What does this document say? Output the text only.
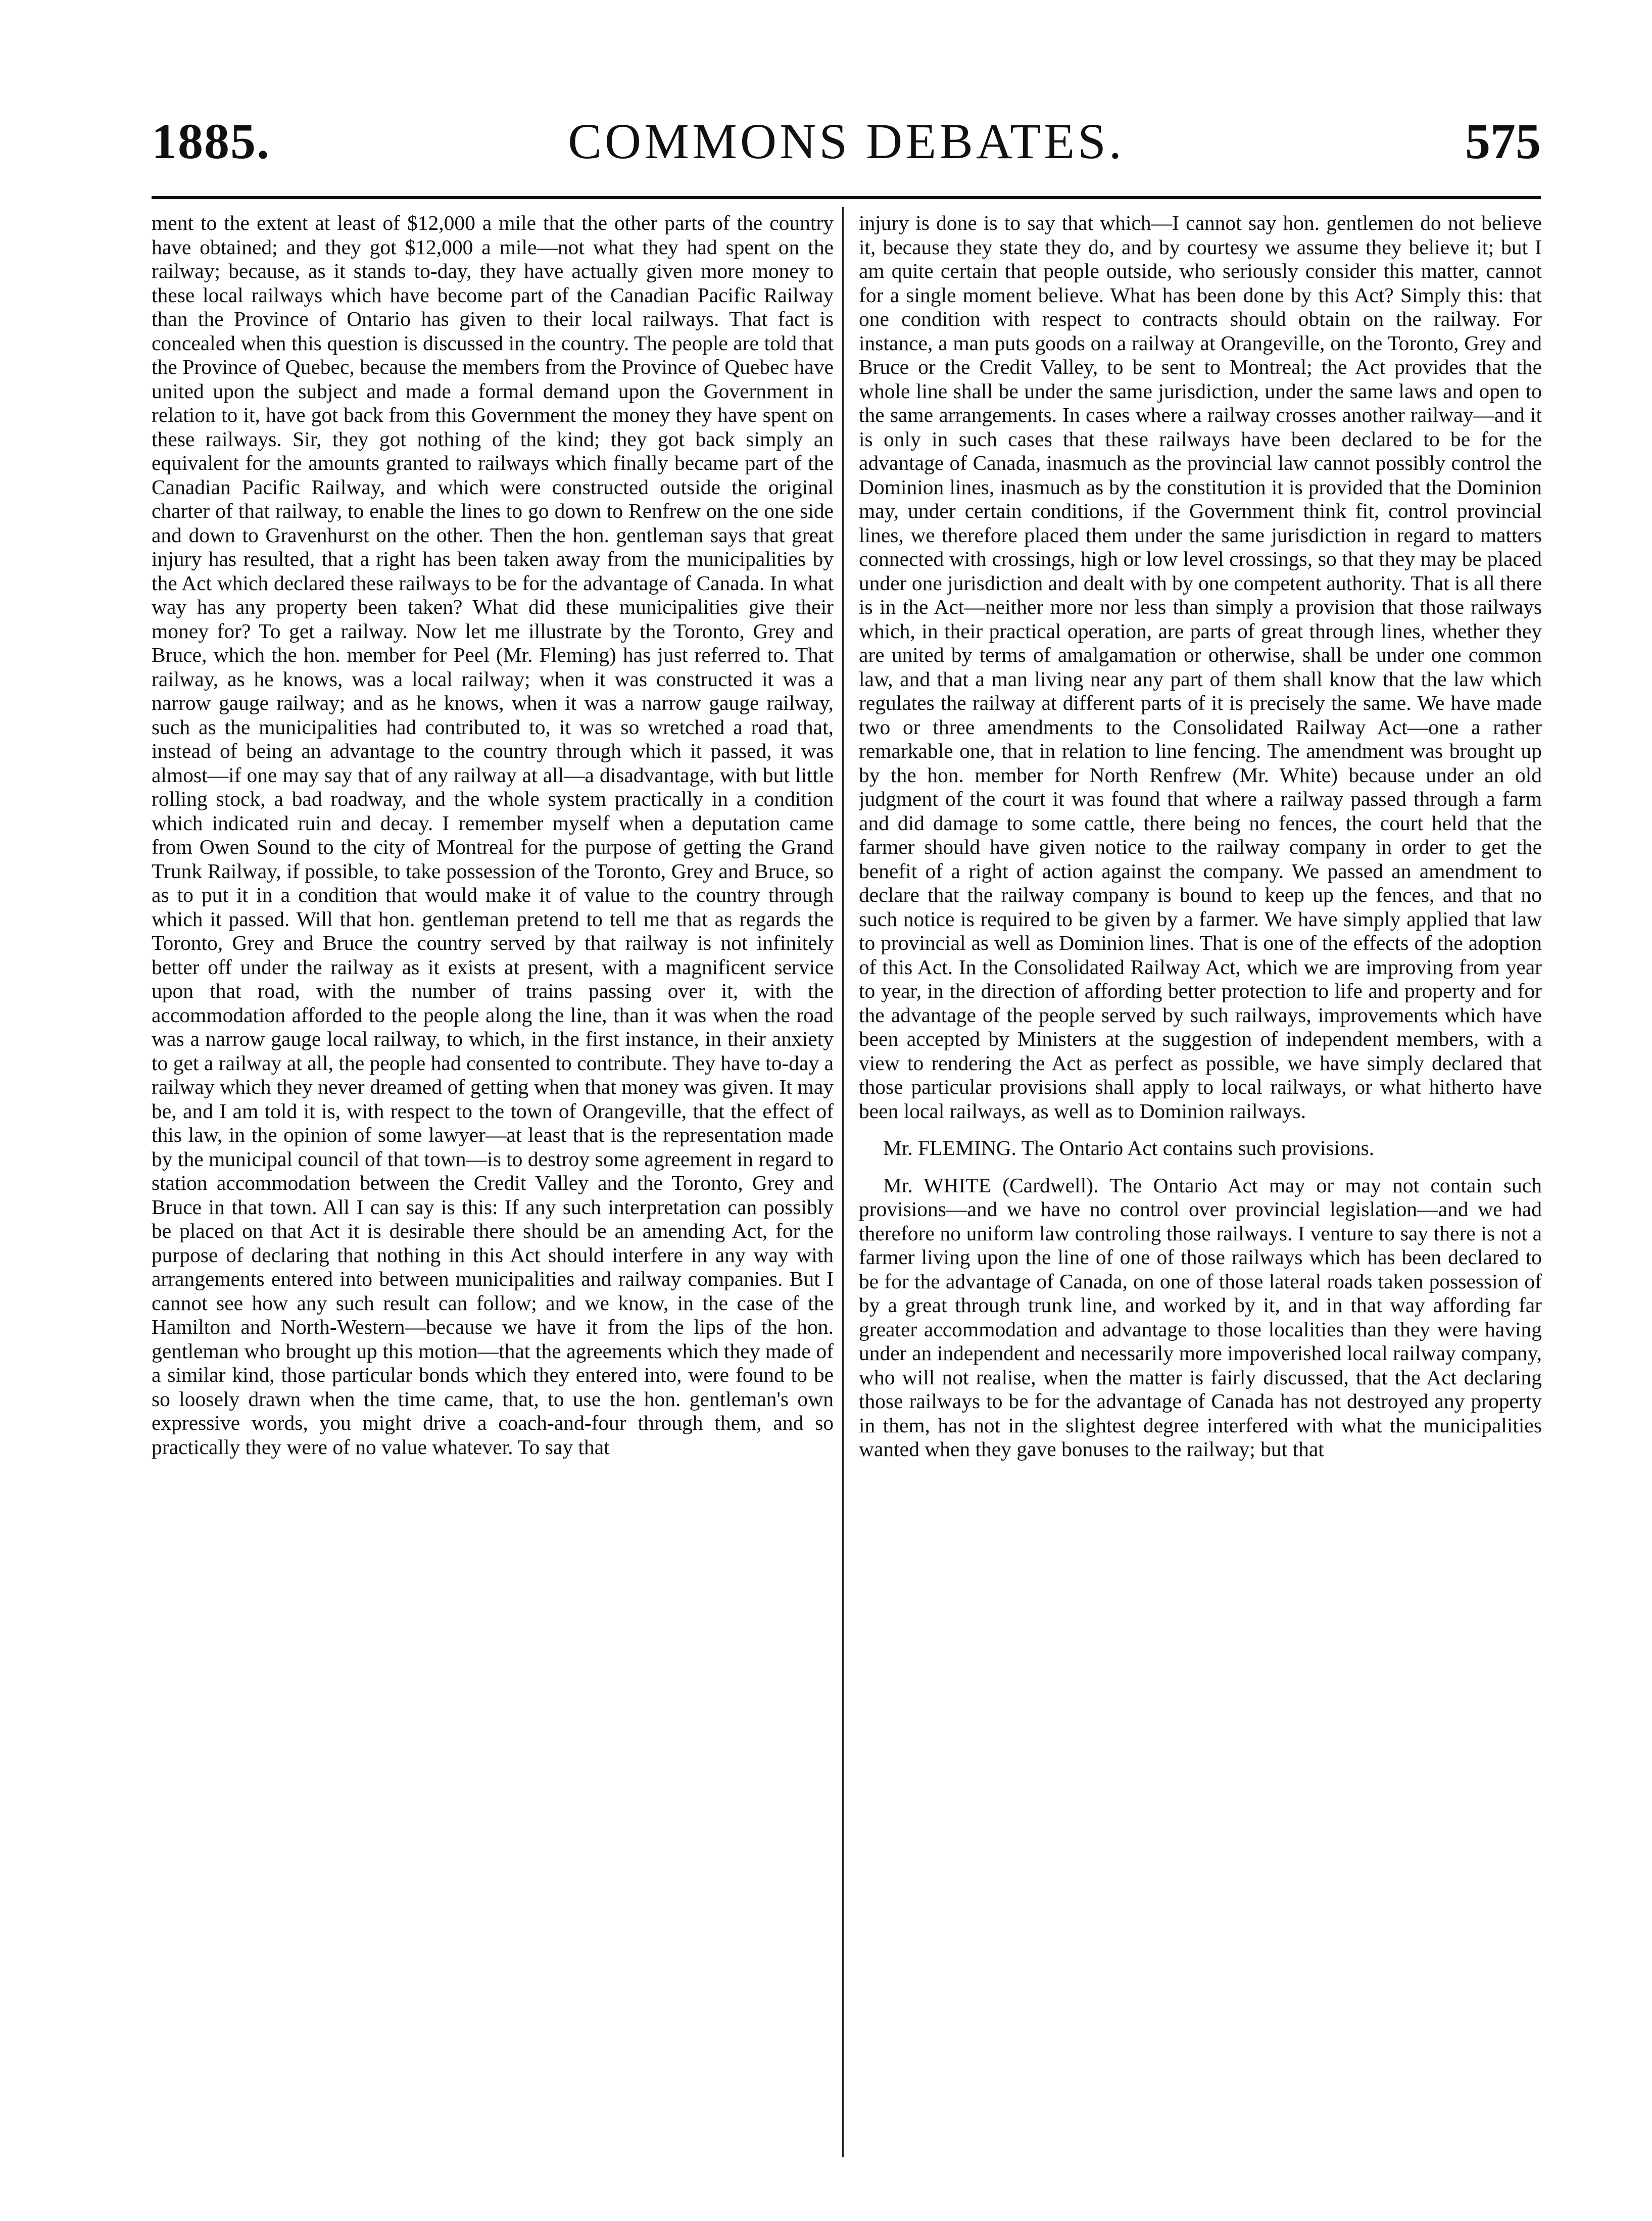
1885.	COMMONS DEBATES.	575

ment to the extent at least of $12,000 a mile that the other parts of the country have obtained; and they got $12,000 a mile—not what they had spent on the railway; because, as it stands to-day, they have actually given more money to these local railways which have become part of the Canadian Pacific Railway than the Province of Ontario has given to their local railways. That fact is concealed when this question is discussed in the country. The people are told that the Province of Quebec, because the members from the Province of Quebec have united upon the subject and made a formal demand upon the Government in relation to it, have got back from this Government the money they have spent on these railways. Sir, they got nothing of the kind; they got back simply an equivalent for the amounts granted to railways which finally became part of the Canadian Pacific Railway, and which were constructed outside the original charter of that railway, to enable the lines to go down to Renfrew on the one side and down to Gravenhurst on the other. Then the hon. gentleman says that great injury has resulted, that a right has been taken away from the municipalities by the Act which declared these railways to be for the advantage of Canada. In what way has any property been taken? What did these municipalities give their money for? To get a railway. Now let me illustrate by the Toronto, Grey and Bruce, which the hon. member for Peel (Mr. Fleming) has just referred to. That railway, as he knows, was a local railway; when it was constructed it was a narrow gauge railway; and as he knows, when it was a narrow gauge railway, such as the municipalities had contributed to, it was so wretched a road that, instead of being an advantage to the country through which it passed, it was almost—if one may say that of any railway at all—a disadvantage, with but little rolling stock, a bad roadway, and the whole system practically in a condition which indicated ruin and decay. I remember myself when a deputation came from Owen Sound to the city of Montreal for the purpose of getting the Grand Trunk Railway, if possible, to take possession of the Toronto, Grey and Bruce, so as to put it in a condition that would make it of value to the country through which it passed. Will that hon. gentleman pretend to tell me that as regards the Toronto, Grey and Bruce the country served by that railway is not infinitely better off under the railway as it exists at present, with a magnificent service upon that road, with the number of trains passing over it, with the accommodation afforded to the people along the line, than it was when the road was a narrow gauge local railway, to which, in the first instance, in their anxiety to get a railway at all, the people had consented to contribute. They have to-day a railway which they never dreamed of getting when that money was given. It may be, and I am told it is, with respect to the town of Orangeville, that the effect of this law, in the opinion of some lawyer—at least that is the representation made by the municipal council of that town—is to destroy some agreement in regard to station accommodation between the Credit Valley and the Toronto, Grey and Bruce in that town. All I can say is this: If any such interpretation can possibly be placed on that Act it is desirable there should be an amending Act, for the purpose of declaring that nothing in this Act should interfere in any way with arrangements entered into between municipalities and railway companies. But I cannot see how any such result can follow; and we know, in the case of the Hamilton and North-Western—because we have it from the lips of the hon. gentleman who brought up this motion—that the agreements which they made of a similar kind, those particular bonds which they entered into, were found to be so loosely drawn when the time came, that, to use the hon. gentleman's own expressive words, you might drive a coach-and-four through them, and so practically they were of no value whatever. To say that

injury is done is to say that which—I cannot say hon. gentlemen do not believe it, because they state they do, and by courtesy we assume they believe it; but I am quite certain that people outside, who seriously consider this matter, cannot for a single moment believe. What has been done by this Act? Simply this: that one condition with respect to contracts should obtain on the railway. For instance, a man puts goods on a railway at Orangeville, on the Toronto, Grey and Bruce or the Credit Valley, to be sent to Montreal; the Act provides that the whole line shall be under the same jurisdiction, under the same laws and open to the same arrangements. In cases where a railway crosses another railway—and it is only in such cases that these railways have been declared to be for the advantage of Canada, inasmuch as the provincial law cannot possibly control the Dominion lines, inasmuch as by the constitution it is provided that the Dominion may, under certain conditions, if the Government think fit, control provincial lines, we therefore placed them under the same jurisdiction in regard to matters connected with crossings, high or low level crossings, so that they may be placed under one jurisdiction and dealt with by one competent authority. That is all there is in the Act—neither more nor less than simply a provision that those railways which, in their practical operation, are parts of great through lines, whether they are united by terms of amalgamation or otherwise, shall be under one common law, and that a man living near any part of them shall know that the law which regulates the railway at different parts of it is precisely the same. We have made two or three amendments to the Consolidated Railway Act—one a rather remarkable one, that in relation to line fencing. The amendment was brought up by the hon. member for North Renfrew (Mr. White) because under an old judgment of the court it was found that where a railway passed through a farm and did damage to some cattle, there being no fences, the court held that the farmer should have given notice to the railway company in order to get the benefit of a right of action against the company. We passed an amendment to declare that the railway company is bound to keep up the fences, and that no such notice is required to be given by a farmer. We have simply applied that law to provincial as well as Dominion lines. That is one of the effects of the adoption of this Act. In the Consolidated Railway Act, which we are improving from year to year, in the direction of affording better protection to life and property and for the advantage of the people served by such railways, improvements which have been accepted by Ministers at the suggestion of independent members, with a view to rendering the Act as perfect as possible, we have simply declared that those particular provisions shall apply to local railways, or what hitherto have been local railways, as well as to Dominion railways.

Mr. FLEMING. The Ontario Act contains such provisions.

Mr. WHITE (Cardwell). The Ontario Act may or may not contain such provisions—and we have no control over provincial legislation—and we had therefore no uniform law controling those railways. I venture to say there is not a farmer living upon the line of one of those railways which has been declared to be for the advantage of Canada, on one of those lateral roads taken possession of by a great through trunk line, and worked by it, and in that way affording far greater accommodation and advantage to those localities than they were having under an independent and necessarily more impoverished local railway company, who will not realise, when the matter is fairly discussed, that the Act declaring those railways to be for the advantage of Canada has not destroyed any property in them, has not in the slightest degree interfered with what the municipalities wanted when they gave bonuses to the railway; but that
